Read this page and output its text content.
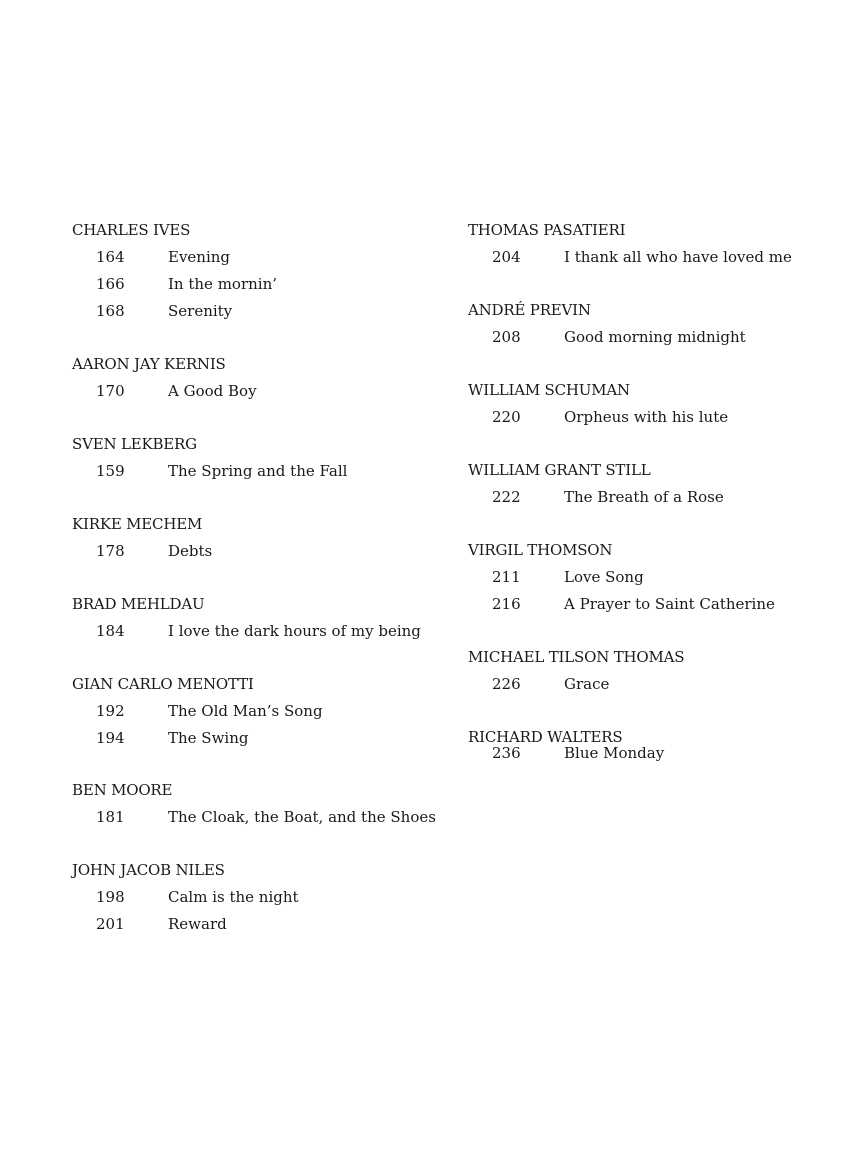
CHARLES IVES
164	Evening
166	In the mornin’
168	Serenity
AARON JAY KERNIS
170	A Good Boy
SVEN LEKBERG
159	The Spring and the Fall
KIRKE MECHEM
178	Debts
BRAD MEHLDAU
184	I love the dark hours of my being
GIAN CARLO MENOTTI
192	The Old Man’s Song
194	The Swing
BEN MOORE
181	The Cloak, the Boat, and the Shoes
JOHN JACOB NILES
198	Calm is the night
201	Reward
THOMAS PASATIERI
204	I thank all who have loved me
ANDRÉ PREVIN
208	Good morning midnight
WILLIAM SCHUMAN
220	Orpheus with his lute
WILLIAM GRANT STILL
222	The Breath of a Rose
VIRGIL THOMSON
211	Love Song
216	A Prayer to Saint Catherine
MICHAEL TILSON THOMAS
226	Grace
RICHARD WALTERS
236	Blue Monday
